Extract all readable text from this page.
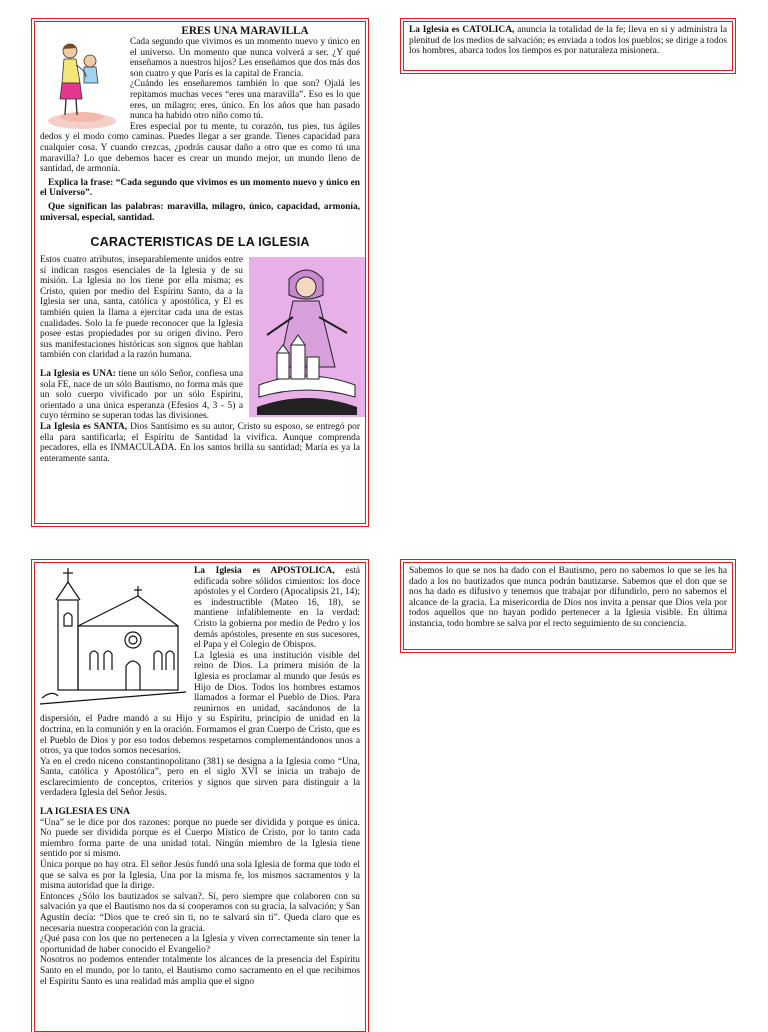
ERES UNA MARAVILLA

Cada segundo que vivimos es un momento nuevo y único en el universo. Un momento que nunca volverá a ser. ¿Y qué enseñamos a nuestros hijos? Les enseñamos que dos más dos son cuatro y que París es la capital de Francia.

¿Cuándo les enseñaremos también lo que son? Ojalá les repitamos muchas veces “eres una maravilla”. Eso es lo que eres, un milagro; eres, único. En los años que han pasado nunca ha habido otro niño como tú.

Eres especial por tu mente, tu corazón, tus pies, tus ágiles dedos y el modo como caminas. Puedes llegar a ser grande. Tienes capacidad para cualquier cosa. Y cuando crezcas, ¿podrás causar daño a otro que es como tú una maravilla? Lo que debemos hacer es crear un mundo mejor, un mundo lleno de santidad, de armonía.

Explica la frase: “Cada segundo que vivimos es un momento nuevo y único en el Universo”.

Que significan las palabras: maravilla, milagro, único, capacidad, armonía, universal, especial, santidad.

CARACTERISTICAS DE LA IGLESIA

Estos cuatro atributos, inseparablemente unidos entre sí indican rasgos esenciales de la Iglesia y de su misión. La Iglesia no los tiene por ella misma; es Cristo, quien por medio del Espíritu Santo, da a la Iglesia ser una, santa, católica y apostólica, y El es también quien la llama a ejercitar cada una de estas cualidades. Solo la fe puede reconocer que la Iglesia posee estas propiedades por su origen divino. Pero sus manifestaciones históricas son signos que hablan también con claridad a la razón humana.

La Iglesia es UNA: tiene un sólo Señor, confiesa una sola FE, nace de un sólo Bautismo, no forma más que un solo cuerpo vivificado por un sólo Espíritu, orientado a una única esperanza (Efesios 4, 3 - 5) a cuyo término se superan todas las divisiones.

La Iglesia es SANTA, Dios Santísimo es su autor, Cristo su esposo, se entregó por ella para santificarla; el Espíritu de Santidad la vivifica. Aunque comprenda pecadores, ella es INMACULADA. En los santos brilla su santidad; María es ya la enteramente santa.

La Iglesia es CATOLICA, anuncia la totalidad de la fe; lleva en sí y administra la plenitud de los medios de salvación; es enviada a todos los pueblos; se dirige a todos los hombres, abarca todos los tiempos es por naturaleza misionera.

La Iglesia es APOSTOLICA, está edificada sobre sólidos cimientos: los doce apóstoles y el Cordero (Apocalipsis 21, 14); es indestructible (Mateo 16, 18), se mantiene infaliblemente en la verdad: Cristo la gobierna por medio de Pedro y los demás apóstoles, presente en sus sucesores, el Papa y el Colegio de Obispos.

La Iglesia es una institución visible del reino de Dios. La primera misión de la Iglesia es proclamar al mundo que Jesús es Hijo de Dios. Todos los hombres estamos llamados a formar el Pueblo de Dios. Para reunirnos en unidad, sacándonos de la dispersión, el Padre mandó a su Hijo y su Espíritu, principio de unidad en la doctrina, en la comunión y en la oración. Formamos el gran Cuerpo de Cristo, que es el Pueblo de Dios y por eso todos debemos respetarnos complementándonos unos a otros, ya que todos somos necesarios.

Ya en el credo niceno constantinopolitano (381) se designa a la Iglesia como “Una, Santa, católica y Apostólica”, pero en el siglo XVI se inicia un trabajo de esclarecimiento de conceptos, criterios y signos que sirven para distinguir a la verdadera Iglesia del Señor Jesús.

LA IGLESIA ES UNA

“Una” se le dice por dos razones: porque no puede ser dividida y porque es única. No puede ser dividida porque es el Cuerpo Místico de Cristo, por lo tanto cada miembro forma parte de una unidad total. Ningún miembro de la Iglesia tiene sentido por sí mismo.

Única porque no hay otra. El señor Jesús fundó una sola Iglesia de forma que todo el que se salva es por la Iglesia, Una por la misma fe, los mismos sacramentos y la misma autoridad que la dirige.

Entonces ¿Sólo los bautizados se salvan?. Sí, pero siempre que colaboren con su salvación ya que el Bautismo nos da sí cooperamos con su gracia, la salvación; y San Agustín decía: “Dios que te creó sin ti, no te salvará sin ti”. Queda claro que es necesaria nuestra cooperación con la gracia.

¿Qué pasa con los que no pertenecen a la Iglesia y viven correctamente sin tener la oportunidad de haber conocido el Evangelio?

Nosotros no podemos entender totalmente los alcances de la presencia del Espíritu Santo en el mundo, por lo tanto, el Bautismo como sacramento en el que recibimos el Espíritu Santo es una realidad más amplia que el signo

Sabemos lo que se nos ha dado con el Bautismo, pero no sabemos lo que se les ha dado a los no bautizados que nunca podrán bautizarse. Sabemos que el don que se nos ha dado es difusivo y tenemos que trabajar por difundirlo, pero no sabemos el alcance de la gracia. La misericordia de Dios nos invita a pensar que Dios vela por todos aquellos que no hayan podido pertenecer a la Iglesia visible. En última instancia, todo hombre se salva por el recto seguimiento de su conciencia.
